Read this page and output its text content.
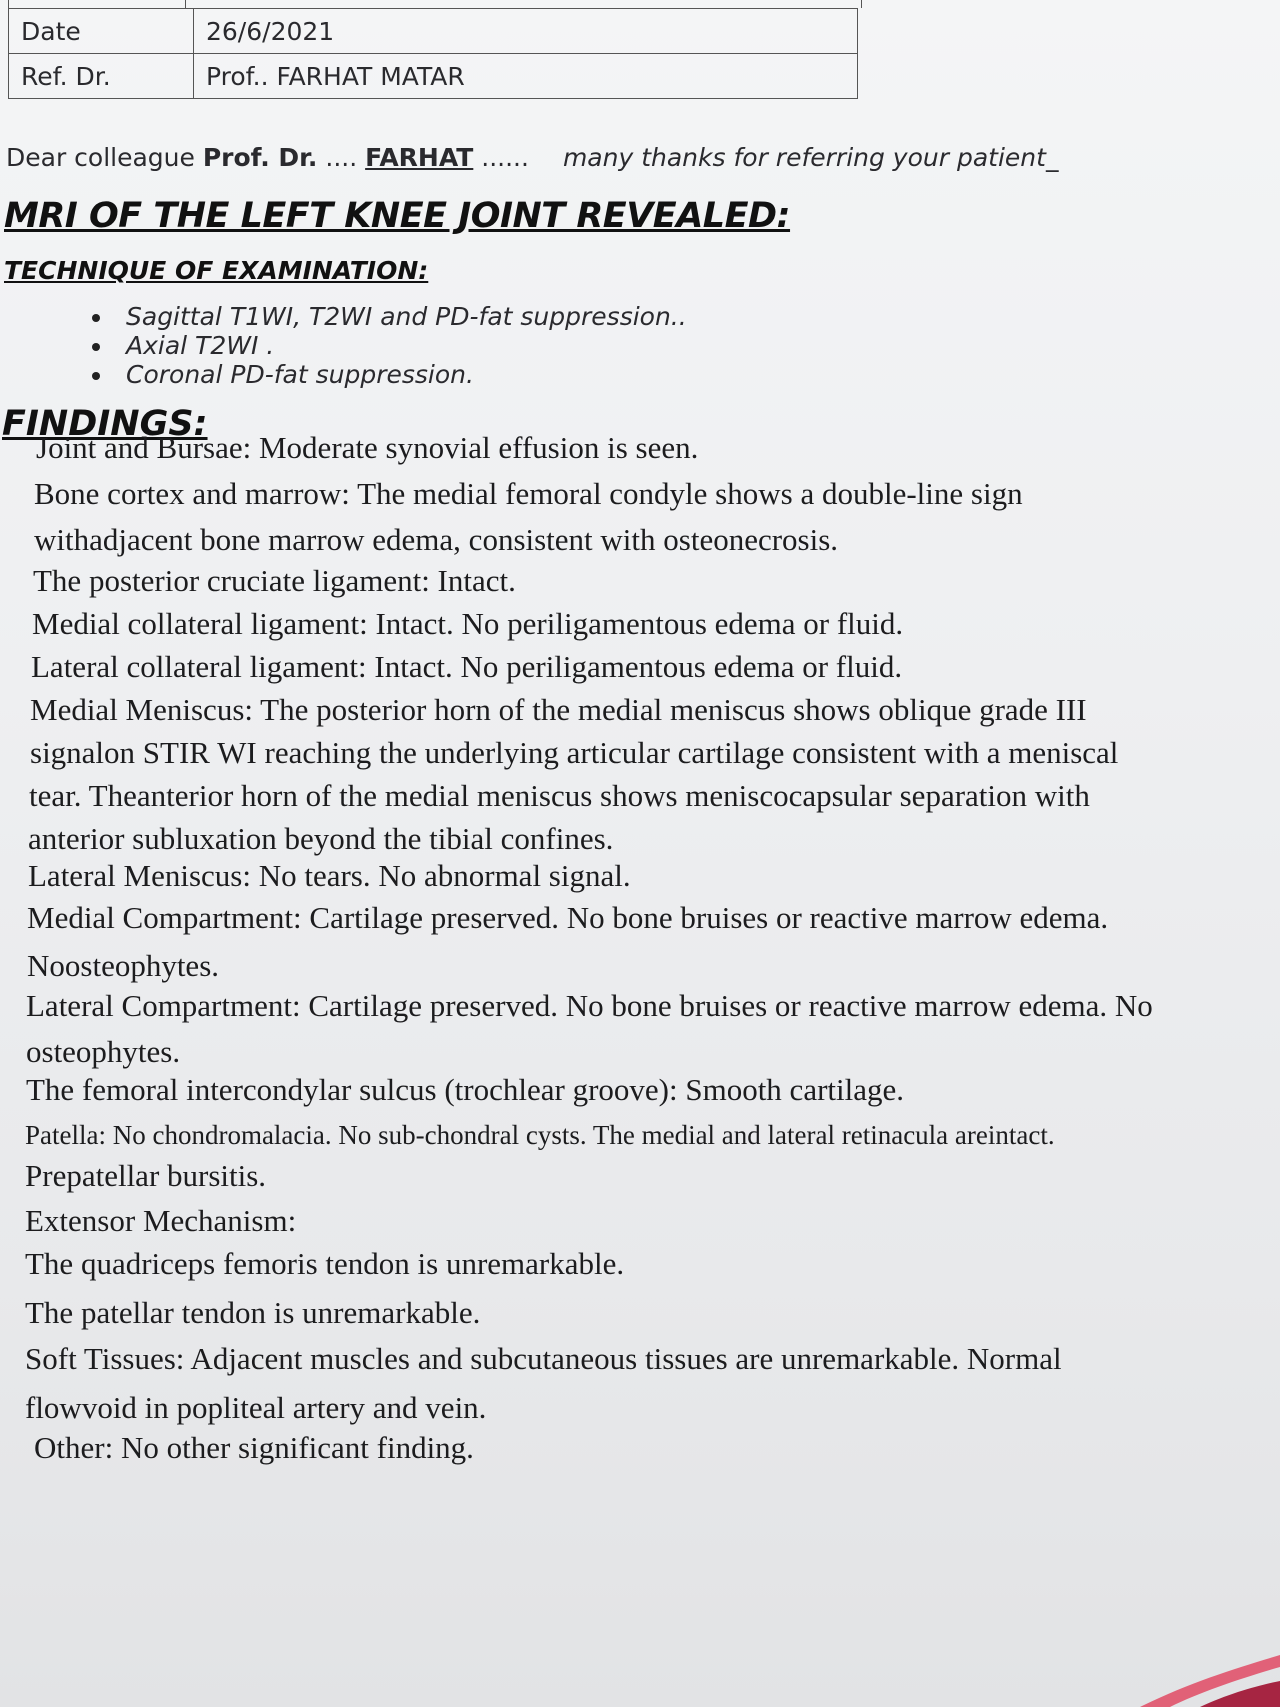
Date	26/6/2021
Ref. Dr.	Prof.. FARHAT MATAR
Dear colleague Prof. Dr. .... FARHAT ...... many thanks for referring your patient_
MRI OF THE LEFT KNEE JOINT REVEALED:
TECHNIQUE OF EXAMINATION:
Sagittal T1WI, T2WI and PD-fat suppression..
Axial T2WI .
Coronal PD-fat suppression.
FINDINGS:
Joint and Bursae: Moderate synovial effusion is seen.
Bone cortex and marrow: The medial femoral condyle shows a double-line sign
withadjacent bone marrow edema, consistent with osteonecrosis.
The posterior cruciate ligament: Intact.
Medial collateral ligament: Intact. No periligamentous edema or fluid.
Lateral collateral ligament: Intact. No periligamentous edema or fluid.
Medial Meniscus: The posterior horn of the medial meniscus shows oblique grade III
signalon STIR WI reaching the underlying articular cartilage consistent with a meniscal
tear. Theanterior horn of the medial meniscus shows meniscocapsular separation with
anterior subluxation beyond the tibial confines.
Lateral Meniscus: No tears. No abnormal signal.
Medial Compartment: Cartilage preserved. No bone bruises or reactive marrow edema.
Noosteophytes.
Lateral Compartment: Cartilage preserved. No bone bruises or reactive marrow edema. No
osteophytes.
The femoral intercondylar sulcus (trochlear groove): Smooth cartilage.
Patella: No chondromalacia. No sub-chondral cysts. The medial and lateral retinacula areintact.
Prepatellar bursitis.
Extensor Mechanism:
The quadriceps femoris tendon is unremarkable.
The patellar tendon is unremarkable.
Soft Tissues: Adjacent muscles and subcutaneous tissues are unremarkable. Normal
flowvoid in popliteal artery and vein.
Other: No other significant finding.
